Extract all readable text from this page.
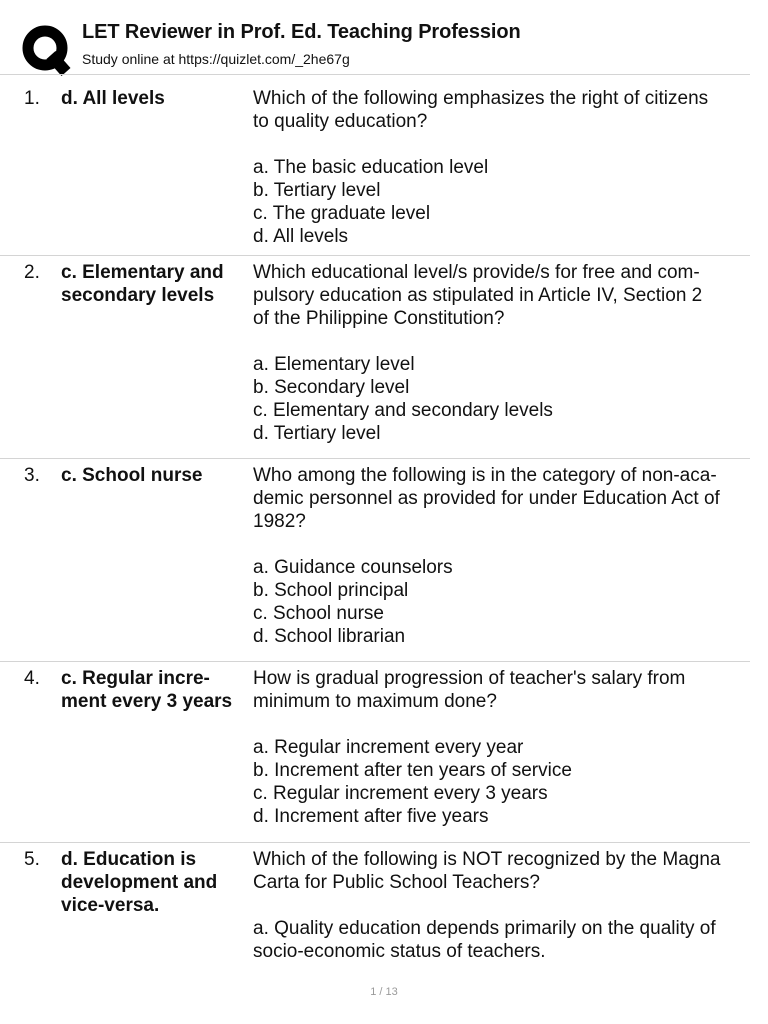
LET Reviewer in Prof. Ed. Teaching Profession
Study online at https://quizlet.com/_2he67g
1. d. All levels	Which of the following emphasizes the right of citizens
to quality education?
a. The basic education level
b. Tertiary level
c. The graduate level
d. All levels
2. c. Elementary and
secondary levels
Which educational level/s provide/s for free and com-
pulsory education as stipulated in Article IV, Section 2
of the Philippine Constitution?
a. Elementary level
b. Secondary level
c. Elementary and secondary levels
d. Tertiary level
3. c. School nurse	Who among the following is in the category of non-aca-
demic personnel as provided for under Education Act of
1982?
a. Guidance counselors
b. School principal
c. School nurse
d. School librarian
4. c. Regular incre-
ment every 3 years
How is gradual progression of teacher's salary from
minimum to maximum done?
a. Regular increment every year
b. Increment after ten years of service
c. Regular increment every 3 years
d. Increment after five years
5. d. Education is
development and
vice-versa.
Which of the following is NOT recognized by the Magna
Carta for Public School Teachers?
a. Quality education depends primarily on the quality of
socio-economic status of teachers.
1 / 13
